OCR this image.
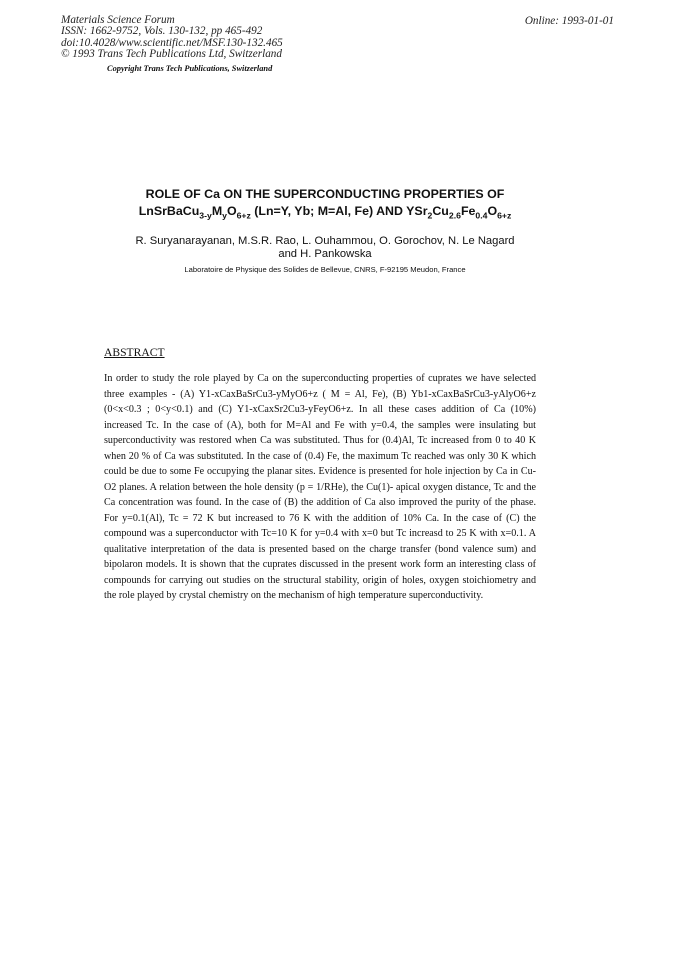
Materials Science Forum
ISSN: 1662-9752, Vols. 130-132, pp 465-492
doi:10.4028/www.scientific.net/MSF.130-132.465
© 1993 Trans Tech Publications Ltd, Switzerland
Online: 1993-01-01
Copyright Trans Tech Publications, Switzerland
ROLE OF Ca ON THE SUPERCONDUCTING PROPERTIES OF
$LnSrBaCu_{3-y}M_yO_{6+z}$ (Ln=Y, Yb; M=Al, Fe) AND $YSr_2Cu_{2.6}Fe_{0.4}O_{6+z}$
R. Suryanarayanan, M.S.R. Rao, L. Ouhammou, O. Gorochov, N. Le Nagard
and H. Pankowska
Laboratoire de Physique des Solides de Bellevue, CNRS, F-92195 Meudon, France
ABSTRACT
In order to study the role played by Ca on the superconducting properties of cuprates we have selected three examples - (A) Y1-xCaxBaSrCu3-yMyO6+z ( M = Al, Fe), (B) Yb1-xCaxBaSrCu3-yAlyO6+z (0<x<0.3 ; 0<y<0.1) and (C) Y1-xCaxSr2Cu3-yFeyO6+z. In all these cases addition of Ca (10%) increased Tc. In the case of (A), both for M=Al and Fe with y=0.4, the samples were insulating but superconductivity was restored when Ca was substituted. Thus for (0.4)Al, Tc increased from 0 to 40 K when 20 % of Ca was substituted. In the case of (0.4) Fe, the maximum Tc reached was only 30 K which could be due to some Fe occupying the planar sites. Evidence is presented for hole injection by Ca in Cu-O2 planes. A relation between the hole density (p = 1/RHe), the Cu(1)- apical oxygen distance, Tc and the Ca concentration was found. In the case of (B) the addition of Ca also improved the purity of the phase. For y=0.1(Al), Tc = 72 K but increased to 76 K with the addition of 10% Ca. In the case of (C) the compound was a superconductor with Tc=10 K for y=0.4 with x=0 but Tc increasd to 25 K with x=0.1. A qualitative interpretation of the data is presented based on the charge transfer (bond valence sum) and bipolaron models. It is shown that the cuprates discussed in the present work form an interesting class of compounds for carrying out studies on the structural stability, origin of holes, oxygen stoichiometry and the role played by crystal chemistry on the mechanism of high temperature superconductivity.
